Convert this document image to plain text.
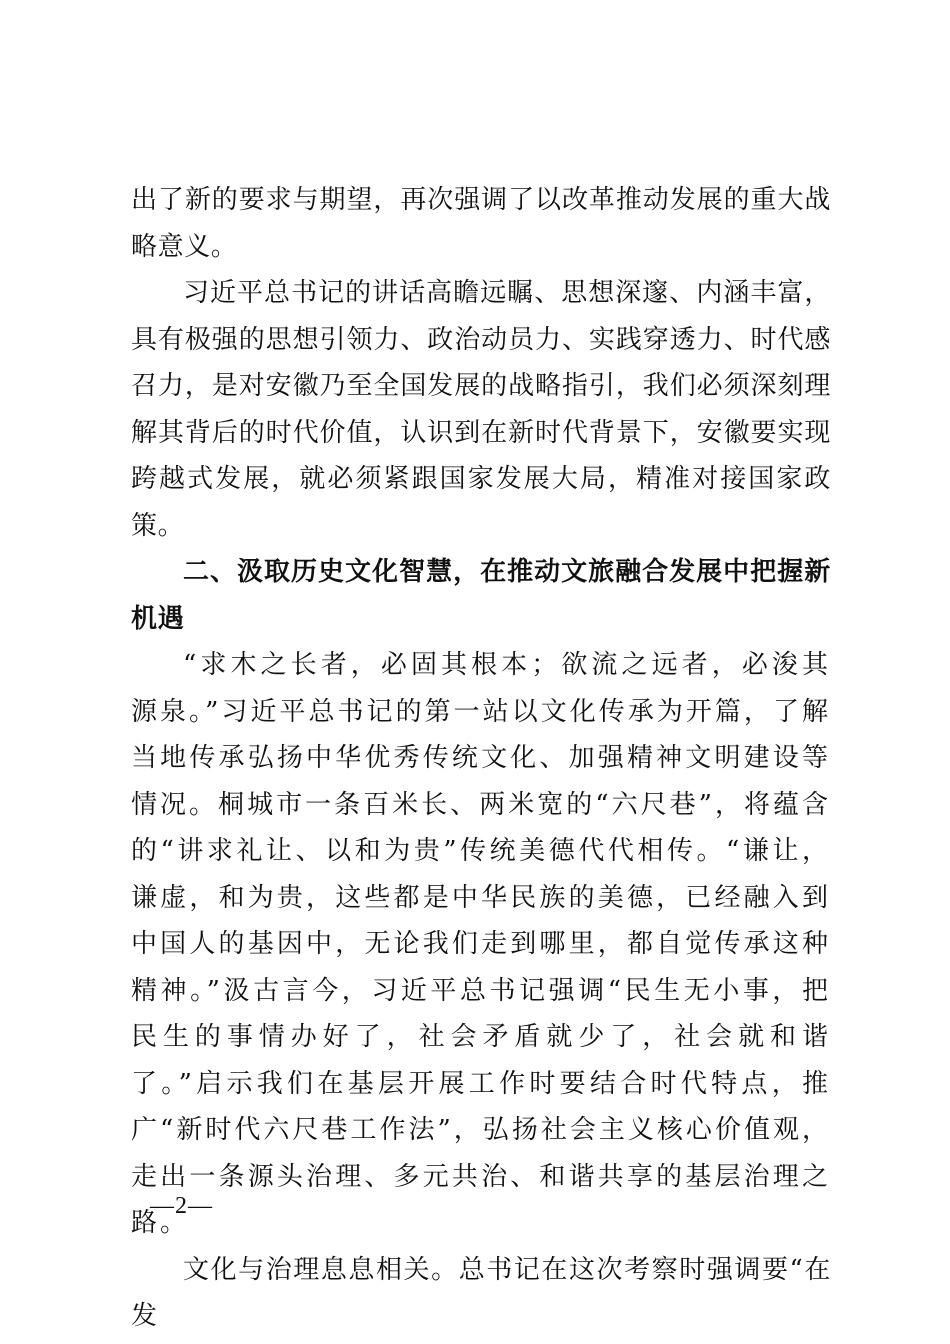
出了新的要求与期望，再次强调了以改革推动发展的重大战略意义。

习近平总书记的讲话高瞻远瞩、思想深邃、内涵丰富，具有极强的思想引领力、政治动员力、实践穿透力、时代感召力，是对安徽乃至全国发展的战略指引，我们必须深刻理解其背后的时代价值，认识到在新时代背景下，安徽要实现跨越式发展，就必须紧跟国家发展大局，精准对接国家政策。

二、汲取历史文化智慧，在推动文旅融合发展中把握新机遇

“求木之长者，必固其根本；欲流之远者，必浚其源泉。”习近平总书记的第一站以文化传承为开篇，了解当地传承弘扬中华优秀传统文化、加强精神文明建设等情况。桐城市一条百米长、两米宽的“六尺巷”，将蕴含的“讲求礼让、以和为贵”传统美德代代相传。“谦让，谦虚，和为贵，这些都是中华民族的美德，已经融入到中国人的基因中，无论我们走到哪里，都自觉传承这种精神。”汲古言今，习近平总书记强调“民生无小事，把民生的事情办好了，社会矛盾就少了，社会就和谐了。”启示我们在基层开展工作时要结合时代特点，推广“新时代六尺巷工作法”，弘扬社会主义核心价值观，走出一条源头治理、多元共治、和谐共享的基层治理之路。

文化与治理息息相关。总书记在这次考察时强调要“在发

—2—
